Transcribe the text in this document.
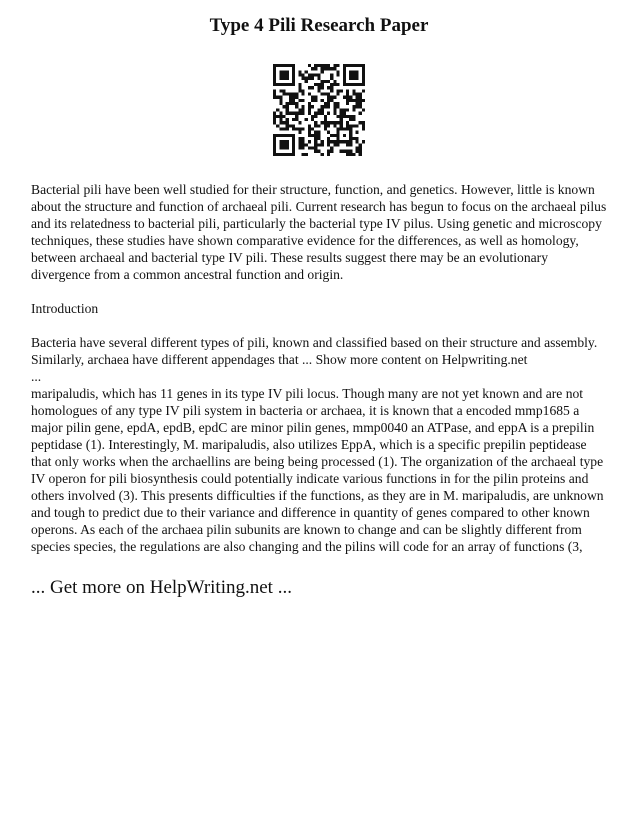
Type 4 Pili Research Paper

Bacterial pili have been well studied for their structure, function, and genetics. However, little is known about the structure and function of archaeal pili. Current research has begun to focus on the archaeal pilus and its relatedness to bacterial pili, particularly the bacterial type IV pilus. Using genetic and microscopy techniques, these studies have shown comparative evidence for the differences, as well as homology, between archaeal and bacterial type IV pili. These results suggest there may be an evolutionary divergence from a common ancestral function and origin.

Introduction

Bacteria have several different types of pili, known and classified based on their structure and assembly. Similarly, archaea have different appendages that ... Show more content on Helpwriting.net

...

maripaludis, which has 11 genes in its type IV pili locus. Though many are not yet known and are not homologues of any type IV pili system in bacteria or archaea, it is known that a encoded mmp1685 a major pilin gene, epdA, epdB, epdC are minor pilin genes, mmp0040 an ATPase, and eppA is a prepilin peptidase (1). Interestingly, M. maripaludis, also utilizes EppA, which is a specific prepilin peptidease that only works when the archaellins are being being processed (1). The organization of the archaeal type IV operon for pili biosynthesis could potentially indicate various functions in for the pilin proteins and others involved (3). This presents difficulties if the functions, as they are in M. maripaludis, are unknown and tough to predict due to their variance and difference in quantity of genes compared to other known operons. As each of the archaea pilin subunits are known to change and can be slightly different from species species, the regulations are also changing and the pilins will code for an array of functions (3,

... Get more on HelpWriting.net ...
